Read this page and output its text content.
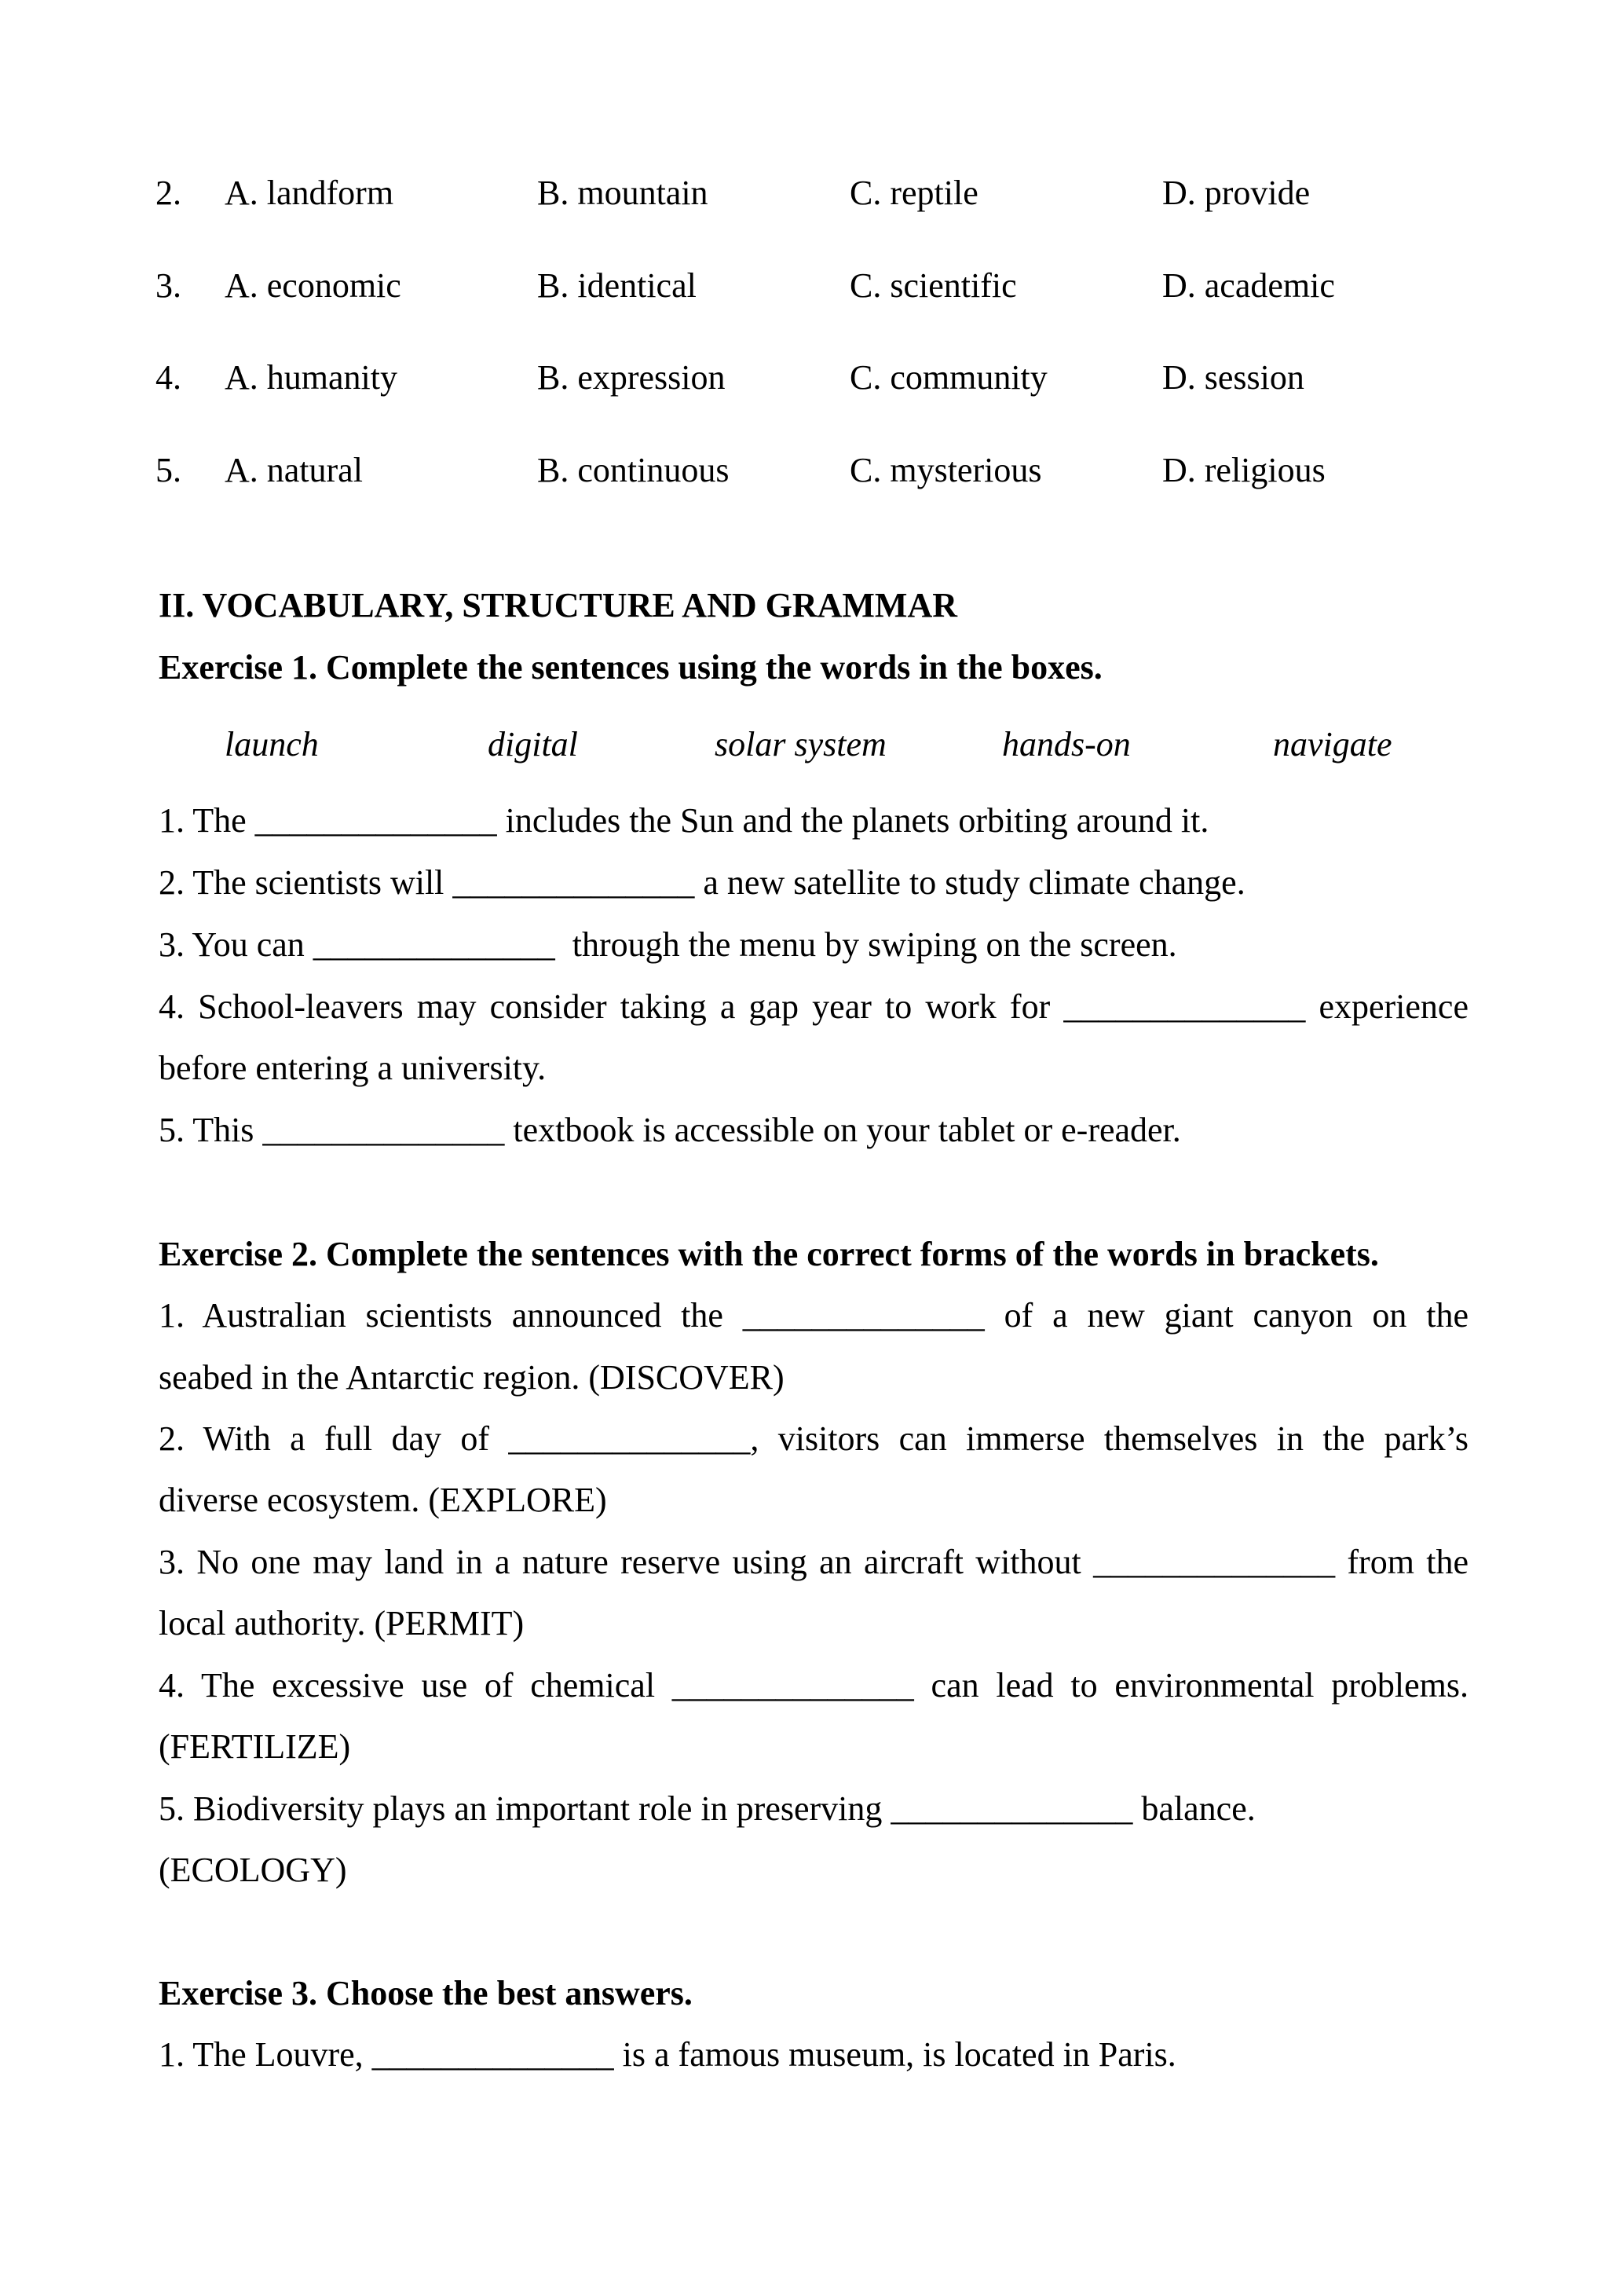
2. A. landform	B. mountain	C. reptile	D. provide
3. A. economic	B. identical	C. scientific	D. academic
4. A. humanity	B. expression	C. community	D. session
5. A. natural	B. continuous	C. mysterious	D. religious
II. VOCABULARY, STRUCTURE AND GRAMMAR
Exercise 1. Complete the sentences using the words in the boxes.
launch	digital	solar system	hands-on	navigate
1. The ______________ includes the Sun and the planets orbiting around it.
2. The scientists will ______________ a new satellite to study climate change.
3. You can ______________  through the menu by swiping on the screen.
4. School-leavers may consider taking a gap year to work for ______________ experience
before entering a university.
5. This ______________ textbook is accessible on your tablet or e-reader.
Exercise 2. Complete the sentences with the correct forms of the words in brackets.
1. Australian scientists announced the ______________ of a new giant canyon on the
seabed in the Antarctic region. (DISCOVER)
2. With a full day of ______________, visitors can immerse themselves in the park’s
diverse ecosystem. (EXPLORE)
3. No one may land in a nature reserve using an aircraft without ______________ from the
local authority. (PERMIT)
4. The excessive use of chemical ______________ can lead to environmental problems.
(FERTILIZE)
5. Biodiversity plays an important role in preserving ______________ balance.
(ECOLOGY)
Exercise 3. Choose the best answers.
1. The Louvre, ______________ is a famous museum, is located in Paris.
